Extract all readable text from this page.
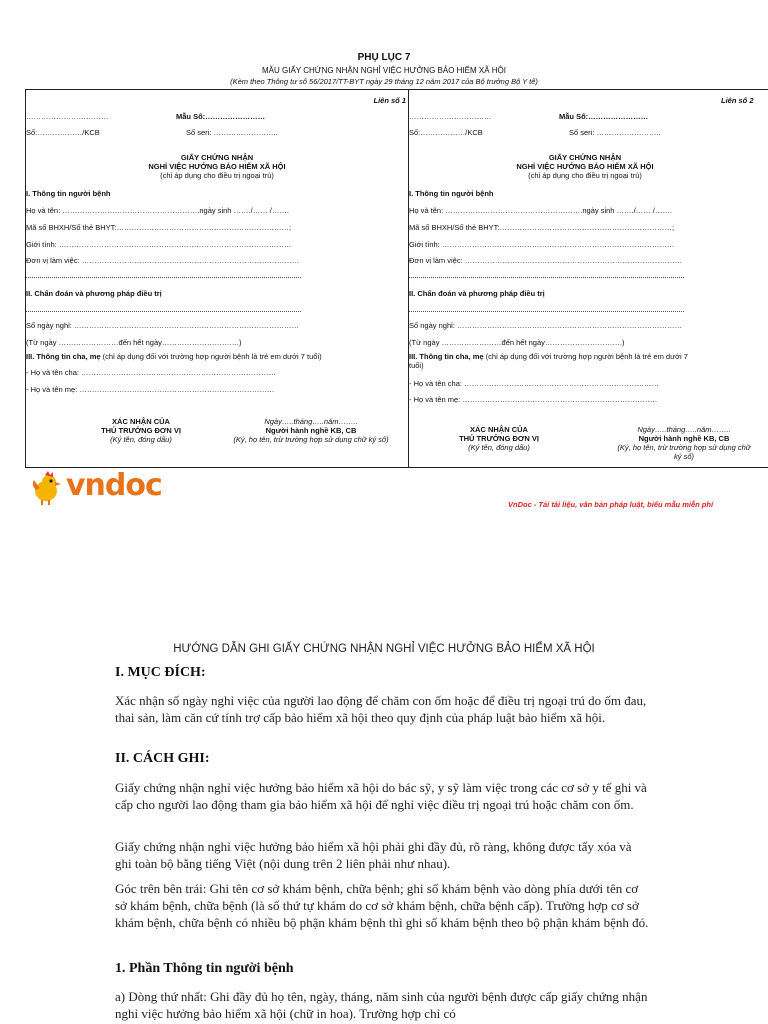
PHỤ LỤC 7
MẪU GIẤY CHỨNG NHẬN NGHỈ VIỆC HƯỞNG BẢO HIỂM XÃ HỘI
(Kèm theo Thông tư số 56/2017/TT-BYT ngày 29 tháng 12 năm 2017 của Bộ trưởng Bộ Y tế)
Liên số 1
……………………………	Mẫu Số:……………………
Số:………………/KCB	Số seri: ……………………..
GIẤY CHỨNG NHẬN
NGHỈ VIỆC HƯỞNG BẢO HIỂM XÃ HỘI
(chỉ áp dụng cho điều trị ngoại trú)
I. Thông tin người bệnh
Họ và tên: ……………………………………………….ngày sinh ……./…… /…….
Mã số BHXH/Số thẻ BHYT:……………………………………………………………;
Giới tính: …………………………………………………………………………………
Đơn vị làm việc: ……………………………………………………………………………
II. Chẩn đoán và phương pháp điều trị
Số ngày nghỉ: ………………………………………………………………………………
(Từ ngày ……………………đến hết ngày………………………….)
III. Thông tin cha, mẹ (chỉ áp dụng đối với trường hợp người bệnh là trẻ em dưới 7 tuổi)
- Họ và tên cha: ……………………………………………………………………
- Họ và tên mẹ: ……………………………………………………………………
XÁC NHẬN CỦA
THỦ TRƯỞNG ĐƠN VỊ
(Ký tên, đóng dấu)
Ngày…..tháng…..năm……..
Người hành nghề KB, CB
(Ký, họ tên, trừ trường hợp sử dụng chữ ký số)
Liên số 2
……………………………	Mẫu Số:……………………
Số:………………/KCB	Số seri: ……………………..
GIẤY CHỨNG NHẬN
NGHỈ VIỆC HƯỞNG BẢO HIỂM XÃ HỘI
(chỉ áp dụng cho điều trị ngoại trú)
I. Thông tin người bệnh
Họ và tên: ……………………………………………….ngày sinh ……./…… /…….
Mã số BHXH/Số thẻ BHYT:……………………………………………………………;
Giới tính: …………………………………………………………………………………
Đơn vị làm việc: ……………………………………………………………………………
II. Chẩn đoán và phương pháp điều trị
Số ngày nghỉ: ………………………………………………………………………………
(Từ ngày ……………………đến hết ngày………………………….)
III. Thông tin cha, mẹ (chỉ áp dụng đối với trường hợp người bệnh là trẻ em dưới 7
tuổi)
- Họ và tên cha: ……………………………………………………………………
- Họ và tên mẹ: ……………………………………………………………………
XÁC NHẬN CỦA
THỦ TRƯỞNG ĐƠN VỊ
(Ký tên, đóng dấu)
Ngày…..tháng…..năm……..
Người hành nghề KB, CB
(Ký, họ tên, trừ trường hợp sử dụng chữ
ký số)
vndoc
VnDoc - Tải tài liệu, văn bản pháp luật, biểu mẫu miễn phí
HƯỚNG DẪN GHI GIẤY CHỨNG NHẬN NGHỈ VIỆC HƯỞNG BẢO HIỂM XÃ HỘI
I. MỤC ĐÍCH:
Xác nhận số ngày nghỉ việc của người lao động để chăm con ốm hoặc để điều trị ngoại trú do ốm đau, thai sản, làm căn cứ tính trợ cấp bảo hiểm xã hội theo quy định của pháp luật bảo hiểm xã hội.
II. CÁCH GHI:
Giấy chứng nhận nghỉ việc hưởng bảo hiểm xã hội do bác sỹ, y sỹ làm việc trong các cơ sở y tế ghi và cấp cho người lao động tham gia bảo hiểm xã hội để nghỉ việc điều trị ngoại trú hoặc chăm con ốm.
Giấy chứng nhận nghỉ việc hưởng bảo hiểm xã hội phải ghi đầy đủ, rõ ràng, không được tẩy xóa và ghi toàn bộ bằng tiếng Việt (nội dung trên 2 liên phải như nhau).
Góc trên bên trái: Ghi tên cơ sở khám bệnh, chữa bệnh; ghi số khám bệnh vào dòng phía dưới tên cơ sở khám bệnh, chữa bệnh (là số thứ tự khám do cơ sở khám bệnh, chữa bệnh cấp). Trường hợp cơ sở khám bệnh, chữa bệnh có nhiều bộ phận khám bệnh thì ghi số khám bệnh theo bộ phận khám bệnh đó.
1. Phần Thông tin người bệnh
a) Dòng thứ nhất: Ghi đầy đủ họ tên, ngày, tháng, năm sinh của người bệnh được cấp giấy chứng nhận nghỉ việc hưởng bảo hiểm xã hội (chữ in hoa). Trường hợp chỉ có
